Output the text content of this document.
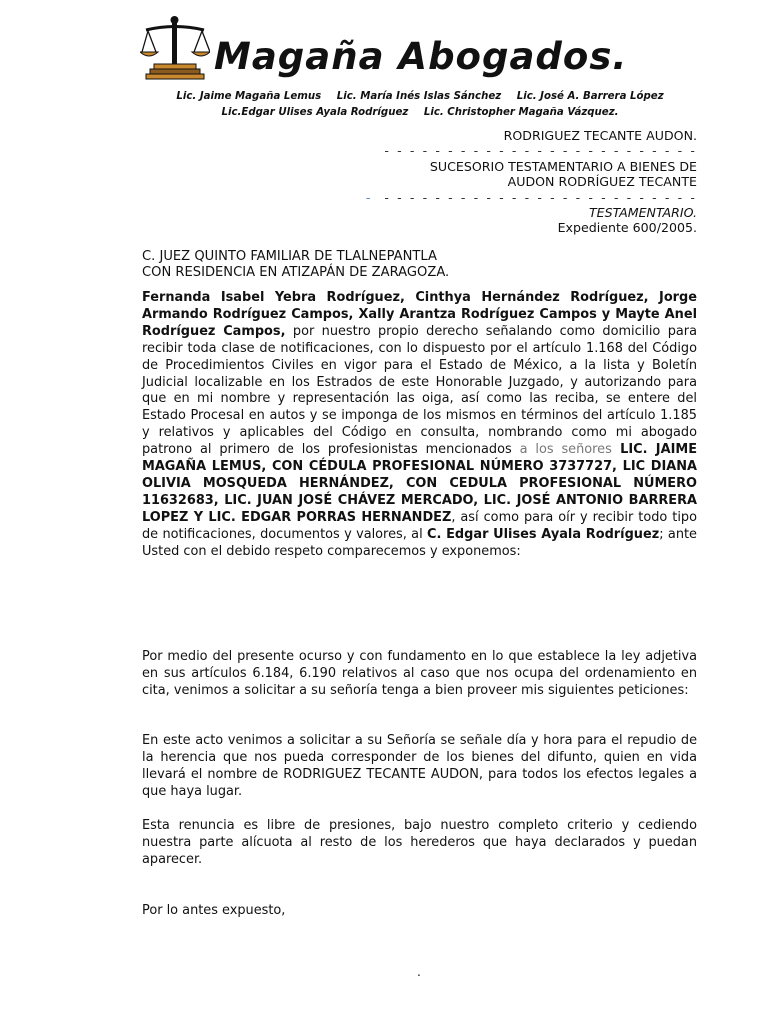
Magaña Abogados.
Lic. Jaime Magaña Lemus Lic. María Inés Islas Sánchez Lic. José A. Barrera López
Lic.Edgar Ulises Ayala Rodríguez Lic. Christopher Magaña Vázquez.
RODRIGUEZ TECANTE AUDON.
- - - - - - - - - - - - - - - - - - - - - - - - -
SUCESORIO TESTAMENTARIO A BIENES DE
AUDON RODRÍGUEZ TECANTE
- - - - - - - - - - - - - - - - - - - - - - - - - -
TESTAMENTARIO.
Expediente 600/2005.
C. JUEZ QUINTO FAMILIAR DE TLALNEPANTLA
CON RESIDENCIA EN ATIZAPÁN DE ZARAGOZA.

Fernanda Isabel Yebra Rodríguez, Cinthya Hernández Rodríguez, Jorge Armando Rodríguez Campos, Xally Arantza Rodríguez Campos y Mayte Anel Rodríguez Campos, por nuestro propio derecho señalando como domicilio para recibir toda clase de notificaciones, con lo dispuesto por el artículo 1.168 del Código de Procedimientos Civiles en vigor para el Estado de México, a la lista y Boletín Judicial localizable en los Estrados de este Honorable Juzgado, y autorizando para que en mi nombre y representación las oiga, así como las reciba, se entere del Estado Procesal en autos y se imponga de los mismos en términos del artículo 1.185 y relativos y aplicables del Código en consulta, nombrando como mi abogado patrono al primero de los profesionistas mencionados a los señores LIC. JAIME MAGAÑA LEMUS, CON CÉDULA PROFESIONAL NÚMERO 3737727, LIC DIANA OLIVIA MOSQUEDA HERNÁNDEZ, CON CEDULA PROFESIONAL NÚMERO 11632683, LIC. JUAN JOSÉ CHÁVEZ MERCADO, LIC. JOSÉ ANTONIO BARRERA LOPEZ Y LIC. EDGAR PORRAS HERNANDEZ, así como para oír y recibir todo tipo de notificaciones, documentos y valores, al C. Edgar Ulises Ayala Rodríguez; ante Usted con el debido respeto comparecemos y exponemos:

Por medio del presente ocurso y con fundamento en lo que establece la ley adjetiva en sus artículos 6.184, 6.190 relativos al caso que nos ocupa del ordenamiento en cita, venimos a solicitar a su señoría tenga a bien proveer mis siguientes peticiones:

En este acto venimos a solicitar a su Señoría se señale día y hora para el repudio de la herencia que nos pueda corresponder de los bienes del difunto, quien en vida llevará el nombre de RODRIGUEZ TECANTE AUDON, para todos los efectos legales a que haya lugar.

Esta renuncia es libre de presiones, bajo nuestro completo criterio y cediendo nuestra parte alícuota al resto de los herederos que haya declarados y puedan aparecer.

Por lo antes expuesto,

.
